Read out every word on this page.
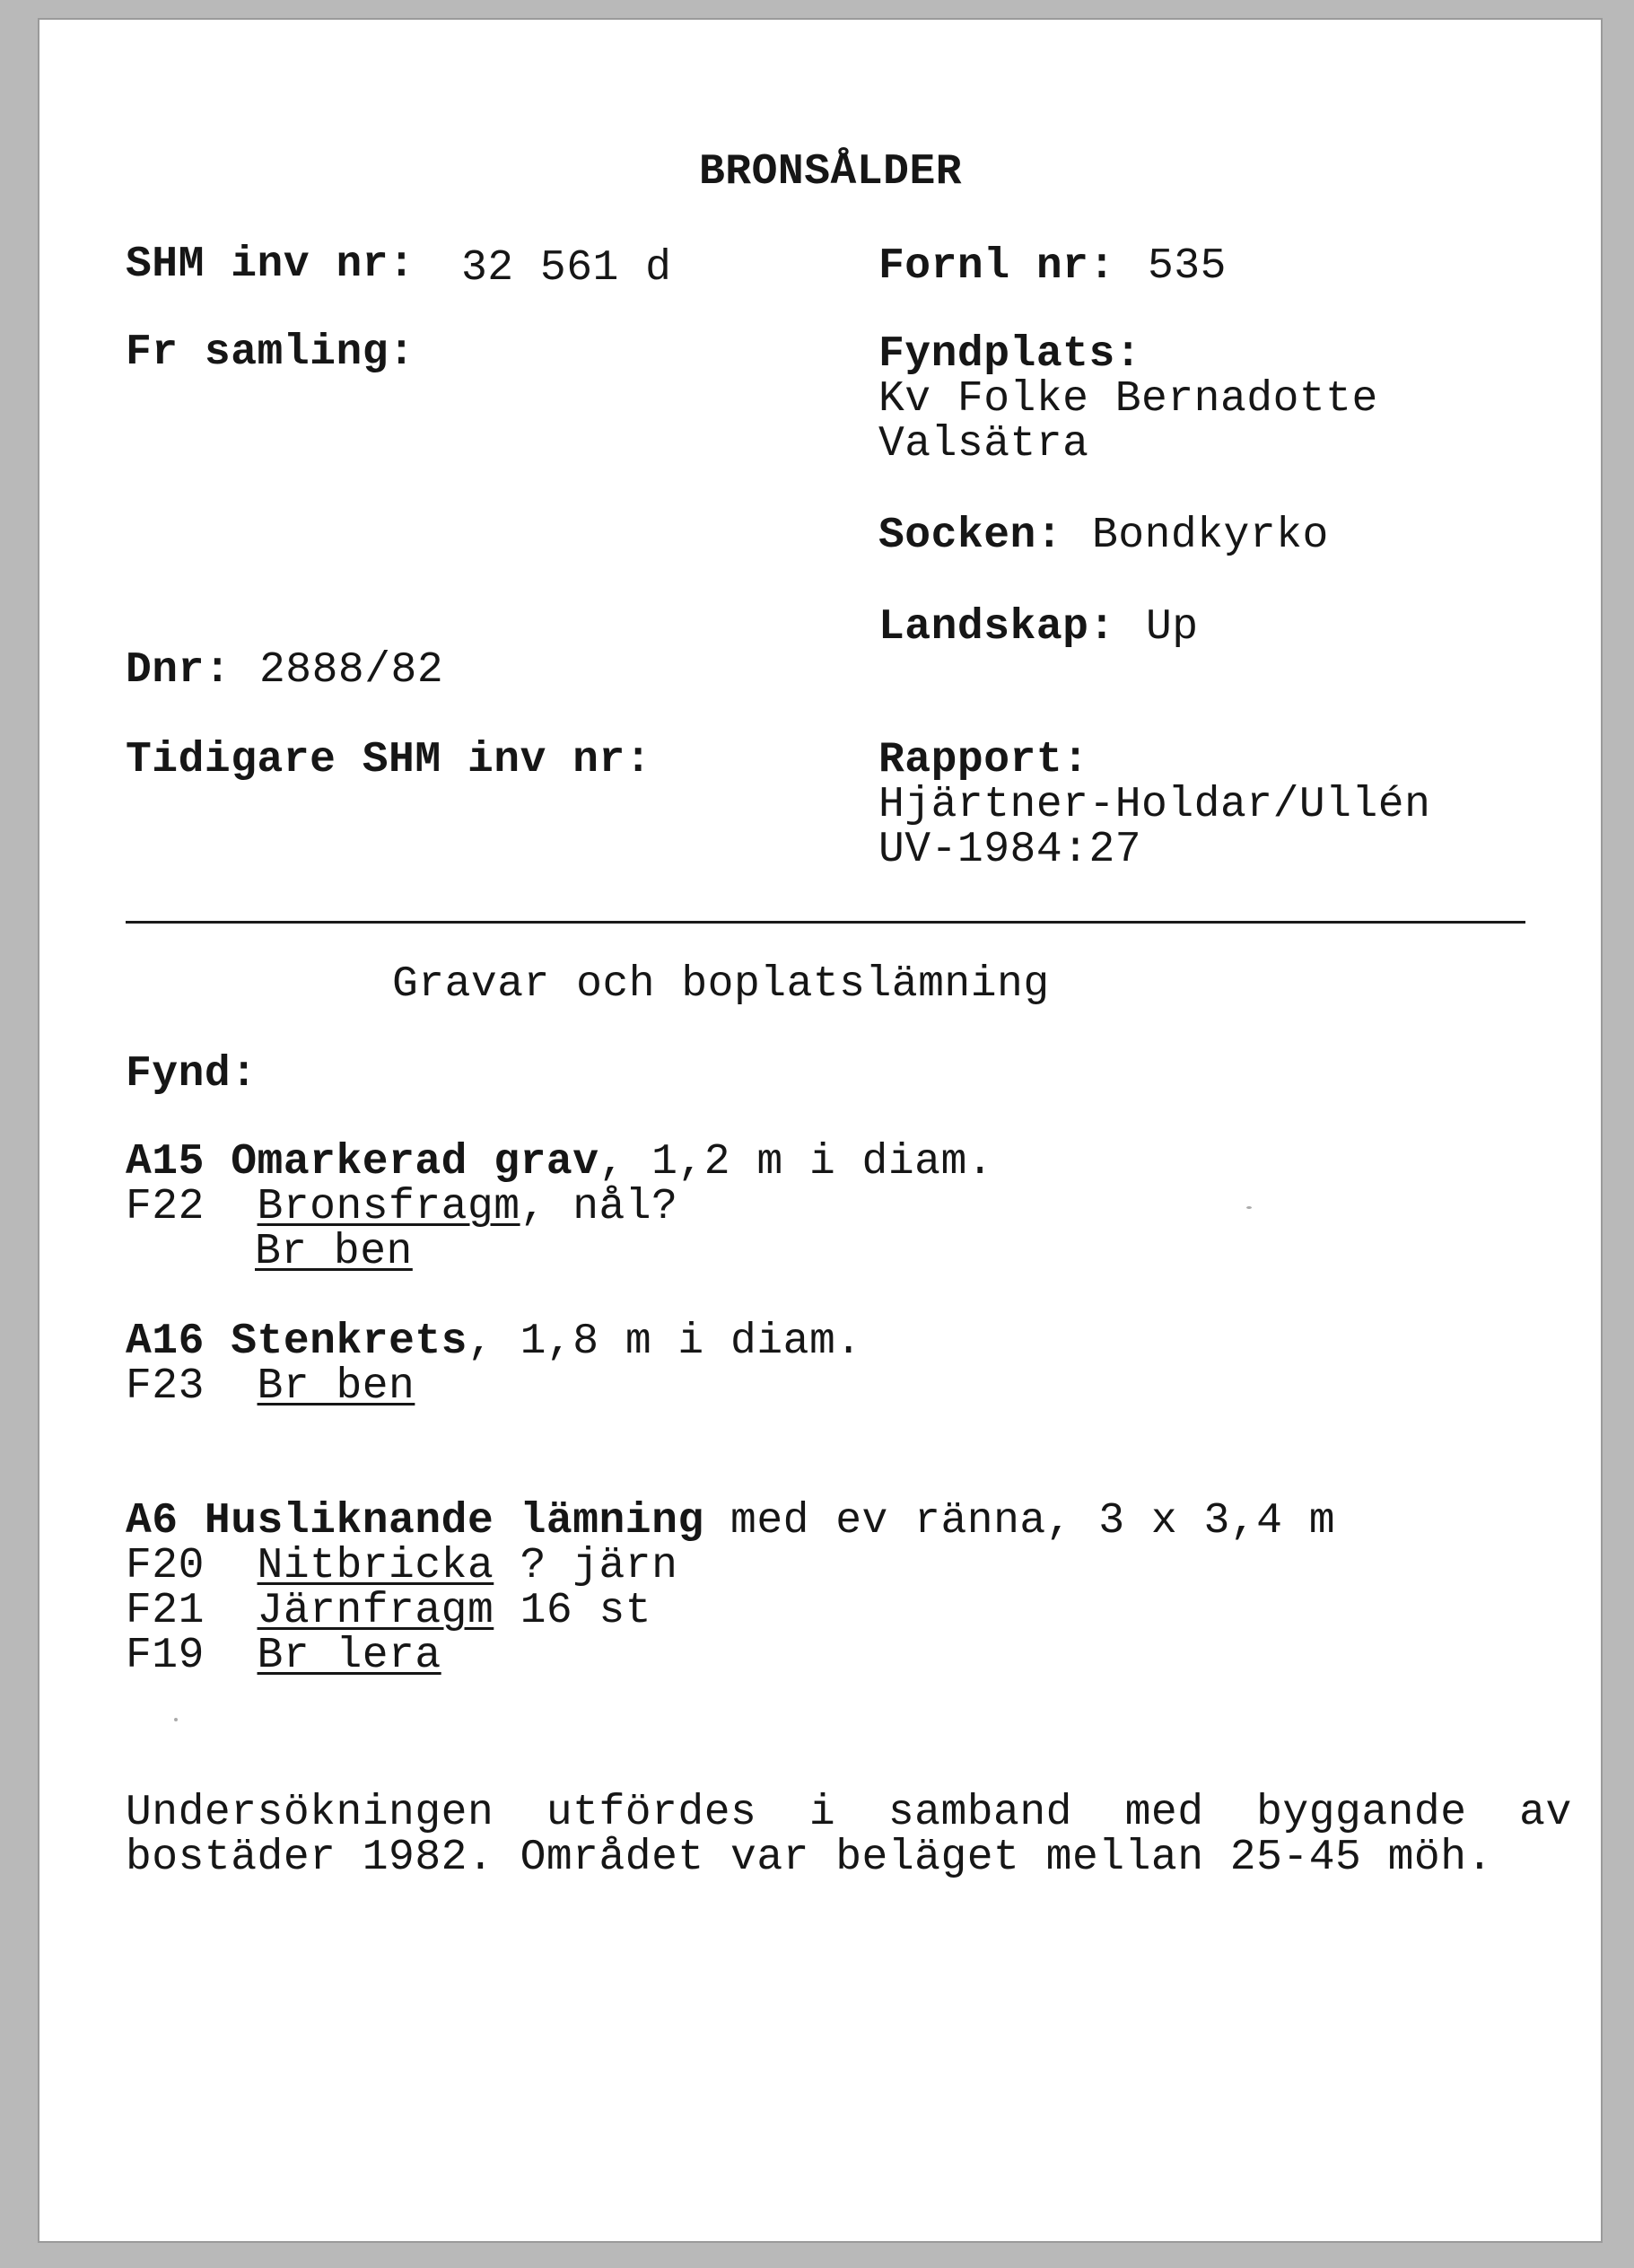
BRONSÅLDER
SHM inv nr: 32 561 d
Fr samling:
Dnr: 2888/82
Tidigare SHM inv nr:
Fornl nr: 535
Fyndplats:
Kv Folke Bernadotte
Valsätra
Socken: Bondkyrko
Landskap: Up
Rapport:
Hjärtner-Holdar/Ullén
UV-1984:27
Gravar och boplatslämning
Fynd:
A15 Omarkerad grav, 1,2 m i diam.
F22 Bronsfragm, nål?
Br ben
A16 Stenkrets, 1,8 m i diam.
F23 Br ben
A6 Husliknande lämning med ev ränna, 3 x 3,4 m
F20 Nitbricka ? järn
F21 Järnfragm 16 st
F19 Br lera
Undersökningen  utfördes  i  samband  med  byggande  av
bostäder 1982. Området var beläget mellan 25-45 möh.
